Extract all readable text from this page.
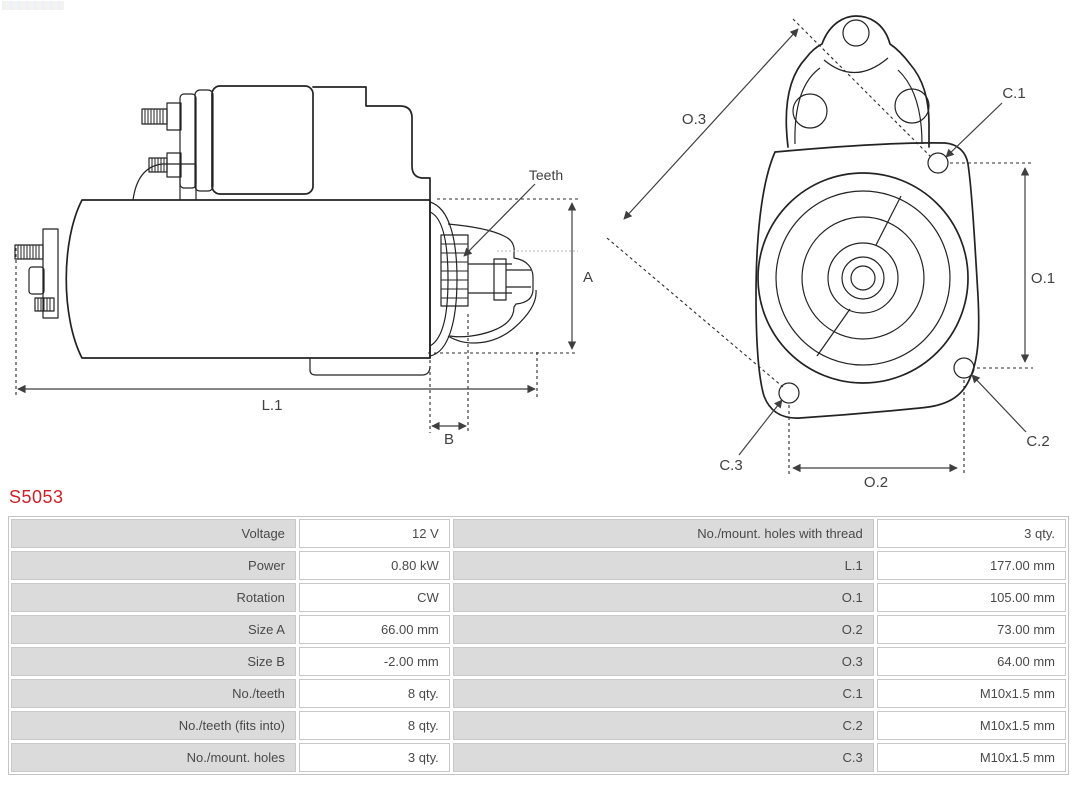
Teeth
A
L.1
B
O.3
O.1
O.2
C.1
C.2
C.3
S5053
Voltage	12 V	No./mount. holes with thread	3 qty.
Power	0.80 kW	L.1	177.00 mm
Rotation	CW	O.1	105.00 mm
Size A	66.00 mm	O.2	73.00 mm
Size B	-2.00 mm	O.3	64.00 mm
No./teeth	8 qty.	C.1	M10x1.5 mm
No./teeth (fits into)	8 qty.	C.2	M10x1.5 mm
No./mount. holes	3 qty.	C.3	M10x1.5 mm
